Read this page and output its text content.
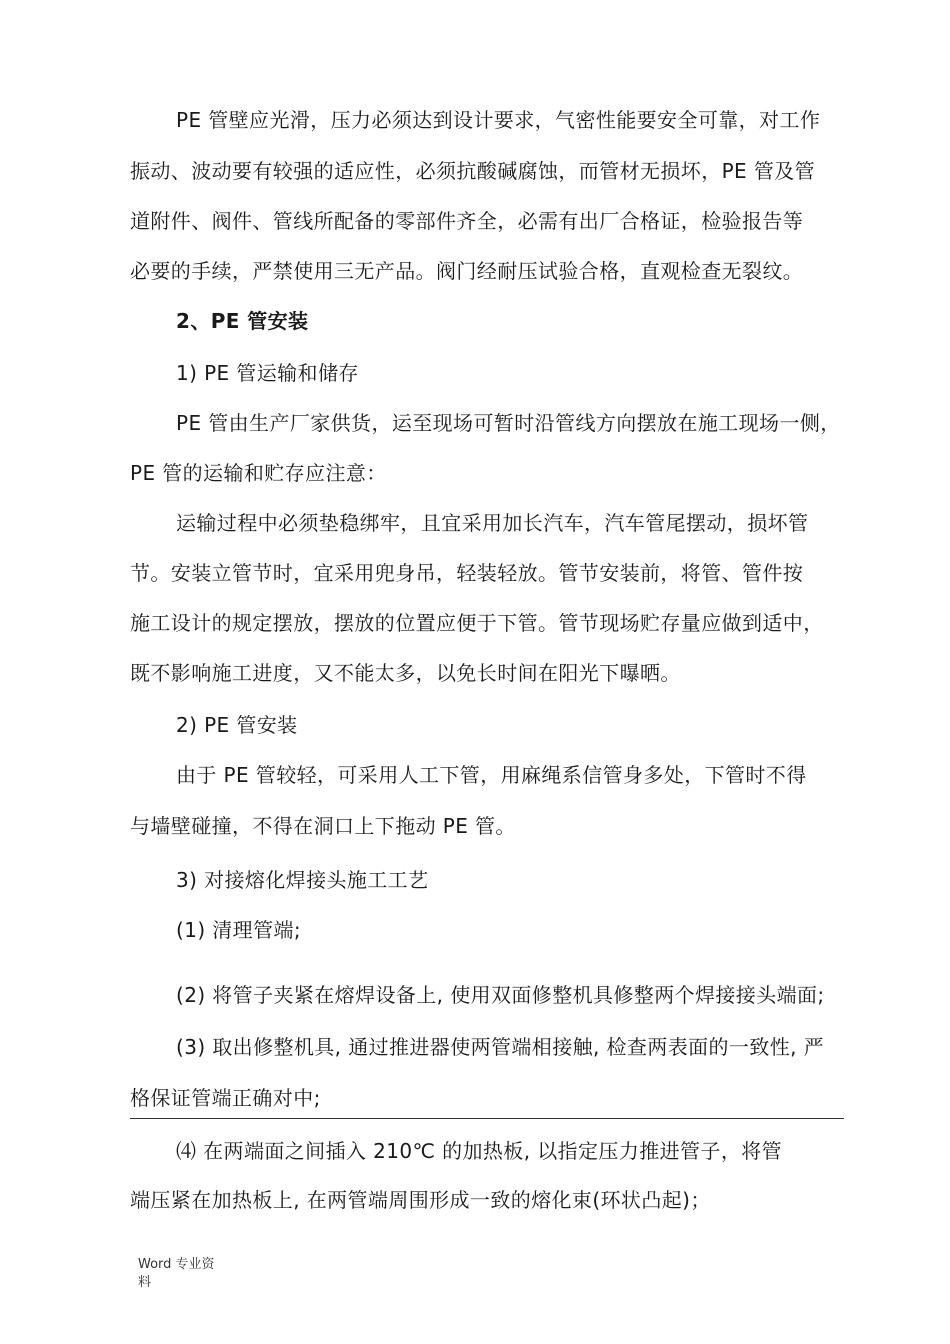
PE 管壁应光滑，压力必须达到设计要求，气密性能要安全可靠，对工作
振动、波动要有较强的适应性，必须抗酸碱腐蚀，而管材无损坏，PE 管及管
道附件、阀件、管线所配备的零部件齐全，必需有出厂合格证，检验报告等
必要的手续，严禁使用三无产品。阀门经耐压试验合格，直观检查无裂纹。
2、PE 管安装
1) PE 管运输和储存
PE 管由生产厂家供货，运至现场可暂时沿管线方向摆放在施工现场一侧，
PE 管的运输和贮存应注意：
运输过程中必须垫稳绑牢，且宜采用加长汽车，汽车管尾摆动，损坏管
节。安装立管节时，宜采用兜身吊，轻装轻放。管节安装前，将管、管件按
施工设计的规定摆放，摆放的位置应便于下管。管节现场贮存量应做到适中，
既不影响施工进度，又不能太多，以免长时间在阳光下曝晒。
2) PE 管安装
由于 PE 管较轻，可采用人工下管，用麻绳系信管身多处，下管时不得
与墙壁碰撞，不得在洞口上下拖动 PE 管。
3) 对接熔化焊接头施工工艺
(1) 清理管端;
(2) 将管子夹紧在熔焊设备上, 使用双面修整机具修整两个焊接接头端面;
(3) 取出修整机具, 通过推进器使两管端相接触, 检查两表面的一致性, 严
格保证管端正确对中;
⑷ 在两端面之间插入 210℃ 的加热板, 以指定压力推进管子，将管
端压紧在加热板上, 在两管端周围形成一致的熔化束(环状凸起)；
Word 专业资
料
